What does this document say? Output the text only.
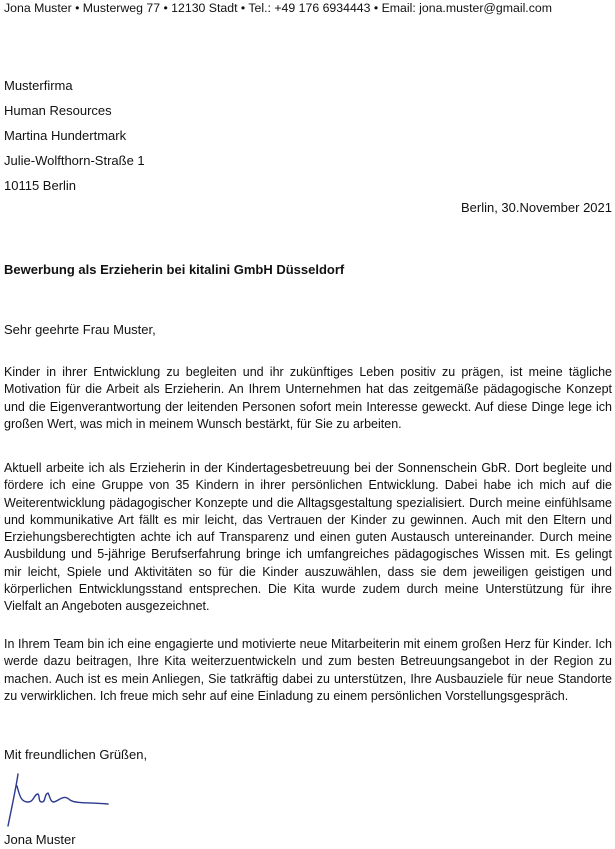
Jona Muster • Musterweg 77 • 12130 Stadt • Tel.: +49 176 6934443 • Email: jona.muster@gmail.com
Musterfirma
Human Resources
Martina Hundertmark
Julie-Wolfthorn-Straße 1
10115 Berlin
Berlin, 30.November 2021
Bewerbung als Erzieherin bei kitalini GmbH Düsseldorf
Sehr geehrte Frau Muster,

Kinder in ihrer Entwicklung zu begleiten und ihr zukünftiges Leben positiv zu prägen, ist meine tägliche Motivation für die Arbeit als Erzieherin. An Ihrem Unternehmen hat das zeitgemäße pädagogische Konzept und die Eigenverantwortung der leitenden Personen sofort mein Interesse geweckt. Auf diese Dinge lege ich großen Wert, was mich in meinem Wunsch bestärkt, für Sie zu arbeiten.

Aktuell arbeite ich als Erzieherin in der Kindertagesbetreuung bei der Sonnenschein GbR. Dort begleite und fördere ich eine Gruppe von 35 Kindern in ihrer persönlichen Entwicklung. Dabei habe ich mich auf die Weiterentwicklung pädagogischer Konzepte und die Alltagsgestaltung spezialisiert. Durch meine einfühlsame und kommunikative Art fällt es mir leicht, das Vertrauen der Kinder zu gewinnen. Auch mit den Eltern und Erziehungsberechtigten achte ich auf Transparenz und einen guten Austausch untereinander. Durch meine Ausbildung und 5-jährige Berufserfahrung bringe ich umfangreiches pädagogisches Wissen mit. Es gelingt mir leicht, Spiele und Aktivitäten so für die Kinder auszuwählen, dass sie dem jeweiligen geistigen und körperlichen Entwicklungsstand entsprechen. Die Kita wurde zudem durch meine Unterstützung für ihre Vielfalt an Angeboten ausgezeichnet.

In Ihrem Team bin ich eine engagierte und motivierte neue Mitarbeiterin mit einem großen Herz für Kinder. Ich werde dazu beitragen, Ihre Kita weiterzuentwickeln und zum besten Betreuungsangebot in der Region zu machen. Auch ist es mein Anliegen, Sie tatkräftig dabei zu unterstützen, Ihre Ausbauziele für neue Standorte zu verwirklichen. Ich freue mich sehr auf eine Einladung zu einem persönlichen Vorstellungsgespräch.

Mit freundlichen Grüßen,
Jona Muster
